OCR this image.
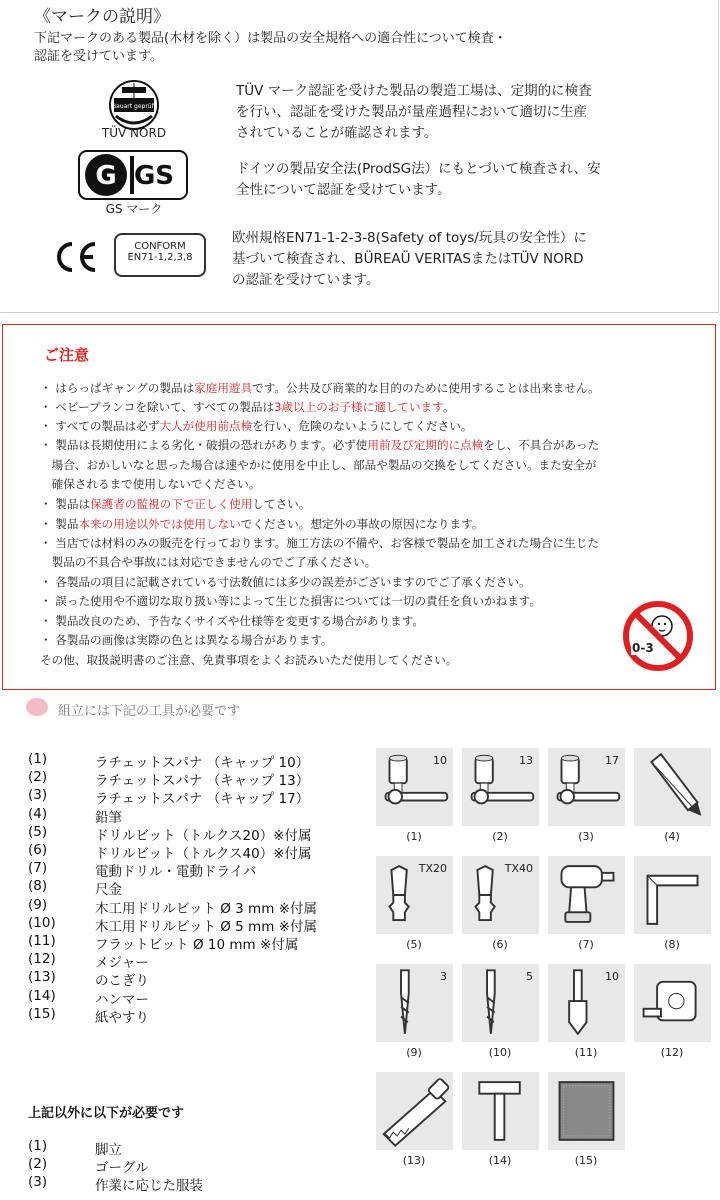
《マークの説明》
下記マークのある製品(木材を除く）は製品の安全規格への適合性について検査・
認証を受けています。
Bauart geprüft
TÜV NORD
TÜV マーク認証を受けた製品の製造工場は、定期的に検査
を行い、認証を受けた製品が量産過程において適切に生産
されていることが確認されます。
G GS
GS マーク
ドイツの製品安全法(ProdSG法）にもとづいて検査され、安
全性について認証を受けています。
CONFORM
EN71-1,2,3,8
欧州規格EN71-1-2-3-8(Safety of toys/玩具の安全性）に
基づいて検査され、BÜREAÜ VERITASまたはTÜV NORD
の認証を受けています。
ご注意
・ はらっぱギャングの製品は家庭用遊具です。公共及び商業的な目的のために使用することは出来ません。
・ ベビーブランコを除いて、すべての製品は3歳以上のお子様に適しています。
・ すべての製品は必ず大人が使用前点検を行い、危険のないようにしてください。
・ 製品は長期使用による劣化・破損の恐れがあります。必ず使用前及び定期的に点検をし、不具合があった
　場合、おかしいなと思った場合は速やかに使用を中止し、部品や製品の交換をしてください。また安全が
　確保されるまで使用しないでください。
・ 製品は保護者の監視の下で正しく使用してさい。
・ 製品本来の用途以外では使用しないでください。想定外の事故の原因になります。
・ 当店では材料のみの販売を行っております。施工方法の不備や、お客様で製品を加工された場合に生じた
　製品の不具合や事故には対応できませんのでご了承ください。
・ 各製品の項目に記載されている寸法数値には多少の誤差がございますのでご了承ください。
・ 誤った使用や不適切な取り扱い等によって生じた損害については一切の責任を負いかねます。
・ 製品改良のため、予告なくサイズや仕様等を変更する場合があります。
・ 各製品の画像は実際の色とは異なる場合があります。
その他、取扱説明書のご注意、免責事項をよくお読みいただ使用してください。
0-3
組立には下記の工具が必要です
(1)	ラチェットスパナ （キャップ 10）
(2)	ラチェットスパナ （キャップ 13）
(3)	ラチェットスパナ （キャップ 17）
(4)	鉛筆
(5)	ドリルビット（トルクス20）※付属
(6)	ドリルビット（トルクス40）※付属
(7)	電動ドリル・電動ドライバ
(8)	尺金
(9)	木工用ドリルビット Ø 3 mm ※付属
(10)	木工用ドリルビット Ø 5 mm ※付属
(11)	フラットビット Ø 10 mm ※付属
(12)	メジャー
(13)	のこぎり
(14)	ハンマー
(15)	紙やすり
上記以外に以下が必要です
(1)	脚立
(2)	ゴーグル
(3)	作業に応じた服装
10
(1)
13
(2)
17
(3)	(4)
TX20
(5)
TX40
(6)	(7)	(8)
3
(9)
5
(10)
10
(11)	(12)
(13)	(14)	(15)
